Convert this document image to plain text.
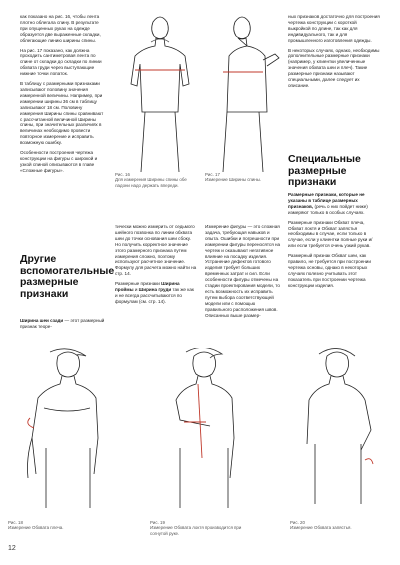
как показано на рис. 16, чтобы лента плотно облегала спину. В результате при опущенных руках на одежде образуется две выраженные складки, облегающие линию ширины спины.

На рис. 17 показано, как должна проходить сантиметровая лента по спине от складки до складки по линии обхвата груди через выступающие нижние точки лопаток.

В таблицу с размерными признаками записывают половину значения измеренной величины. Например, при измерении ширины 36 см в таблицу записывают 18 см. Половину измерения Ширины спины сравнивают с рассчитанной величиной Ширины спины, при значительных различиях в величинах необходимо провести повторное измерение и исправить возможную ошибку.

Особенности построения чертежа конструкции на фигуры с широкой и узкой спиной описываются в главе «Сложные фигуры».

Другие вспомогательные размерные признаки
Ширина шеи сзади — этот размерный признак теоре-
Рис. 16
Для измерения Ширины спины обе ладони надо держать впереди.
Рис. 17
Измерение Ширины спины.

тически можно измерить от седьмого шейного позвонка по линии обхвата шеи до точки основания шеи сбоку. Но получить корректное значение этого размерного признака путем измерения сложно, поэтому используют расчетное значение. Формулу для расчета можно найти на стр. 14.

Размерные признаки Ширина проймы и Ширина груди так же как и не всегда рассчитываются по формулам (см. стр. 14).

Измерение фигуры — это сложная задача, требующая навыков и опыта. Ошибки и погрешности при измерении фигуры переносятся на чертеж и оказывают негативное влияние на посадку изделия. Устранение дефектов готового изделия требует больших временных затрат и сил. Если особенности фигуры отмечены на стадии проектирования модели, то есть возможность их исправить путем выбора соответствующей модели или с помощью правильного расположения швов. Описанных выше размер-

ных признаков достаточно для построения чертежа конструкции с короткой выкройкой по длине, так как для индивидуального, так и для промышленного изготовления одежды.

В некоторых случаях, однако, необходимы дополнительные размерные признаки (например, у клиентки увеличенные значения обхвата шеи и плеч). Такие размерные признаки называют специальными, далее следует их описание.

Специальные размерные признаки

Размерные признаки, которые не указаны в таблице размерных признаков, (речь о них пойдет ниже) измеряют только в особых случаях.

Размерные признаки Обхват плеча, Обхват локтя и Обхват запястья необходимы в случае, если только в случае, если у клиентки полные руки и/или если требуется очень узкий рукав.

Размерный признак Обхват шеи, как правило, не требуется при построении чертежа основы, однако в некоторых случаях полезно учитывать этот показатель при построении чертежа конструкции изделия.

Рис. 18
Измерение Обхвата плеча.
Рис. 19
Измерение Обхвата локтя производится при согнутой руке.
Рис. 20
Измерение Обхвата запястья.
12
